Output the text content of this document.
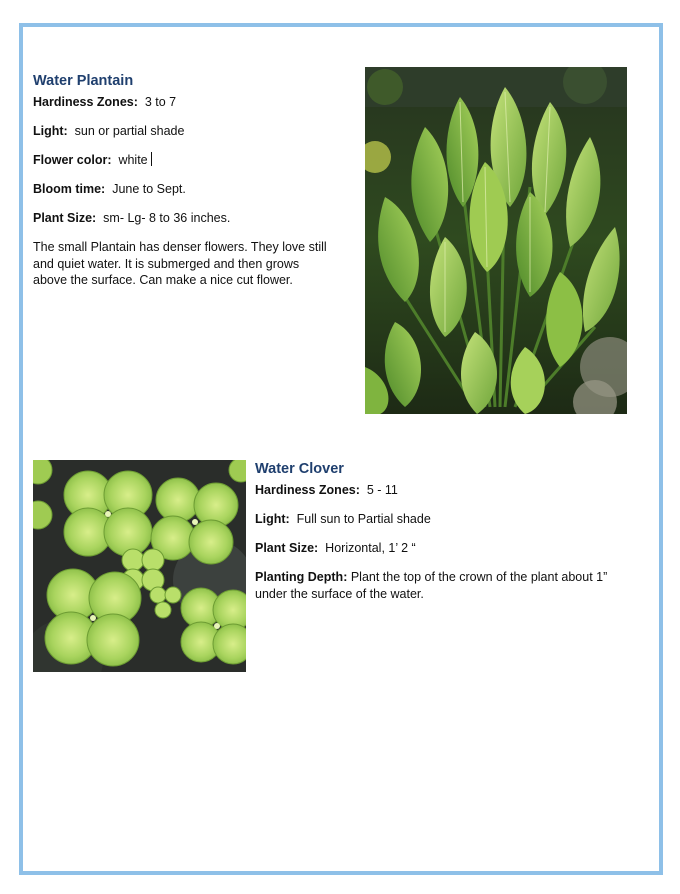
Water Plantain

Hardiness Zones: 3 to 7

Light: sun or partial shade

Flower color: white

Bloom time: June to Sept.

Plant Size: sm- Lg- 8 to 36 inches.

The small Plantain has denser flowers. They love still
and quiet water. It is submerged and then grows
above the surface. Can make a nice cut flower.

Water Clover

Hardiness Zones: 5 - 11

Light: Full sun to Partial shade

Plant Size: Horizontal, 1’ 2 “

Planting Depth: Plant the top of the crown of the plant about 1”
under the surface of the water.
